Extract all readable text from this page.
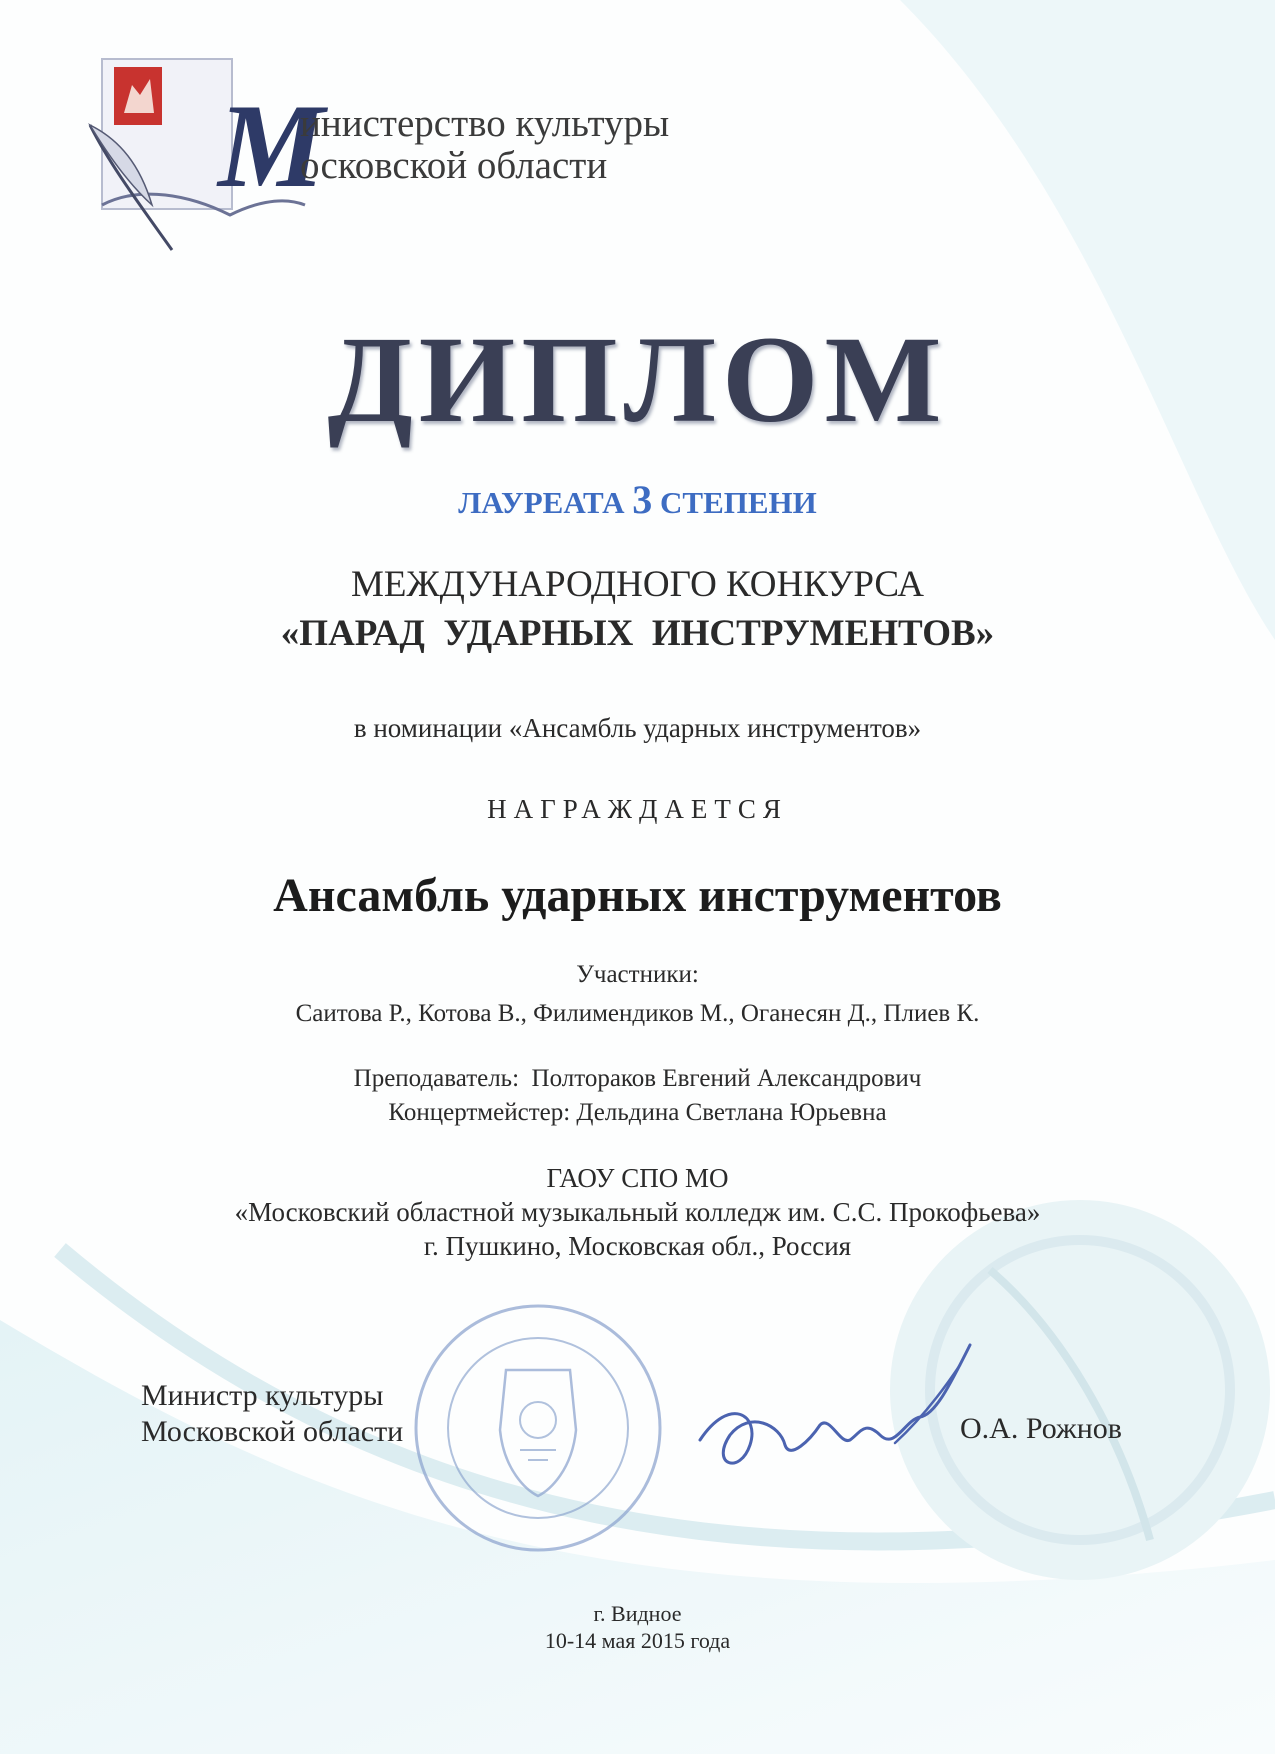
М
инистерство культуры
осковской области
ДИПЛОМ
ЛАУРЕАТА 3 СТЕПЕНИ
МЕЖДУНАРОДНОГО КОНКУРСА
«ПАРАД  УДАРНЫХ  ИНСТРУМЕНТОВ»
в номинации «Ансамбль ударных инструментов»
НАГРАЖДАЕТСЯ
Ансамбль ударных инструментов
Участники:
Саитова Р., Котова В., Филимендиков М., Оганесян Д., Плиев К.
Преподаватель:  Полтораков Евгений Александрович
Концертмейстер: Дельдина Светлана Юрьевна
ГАОУ СПО МО
«Московский областной музыкальный колледж им. С.С. Прокофьева»
г. Пушкино, Московская обл., Россия
Министр культуры
Московской области	О.А. Рожнов
г. Видное
10-14 мая 2015 года
